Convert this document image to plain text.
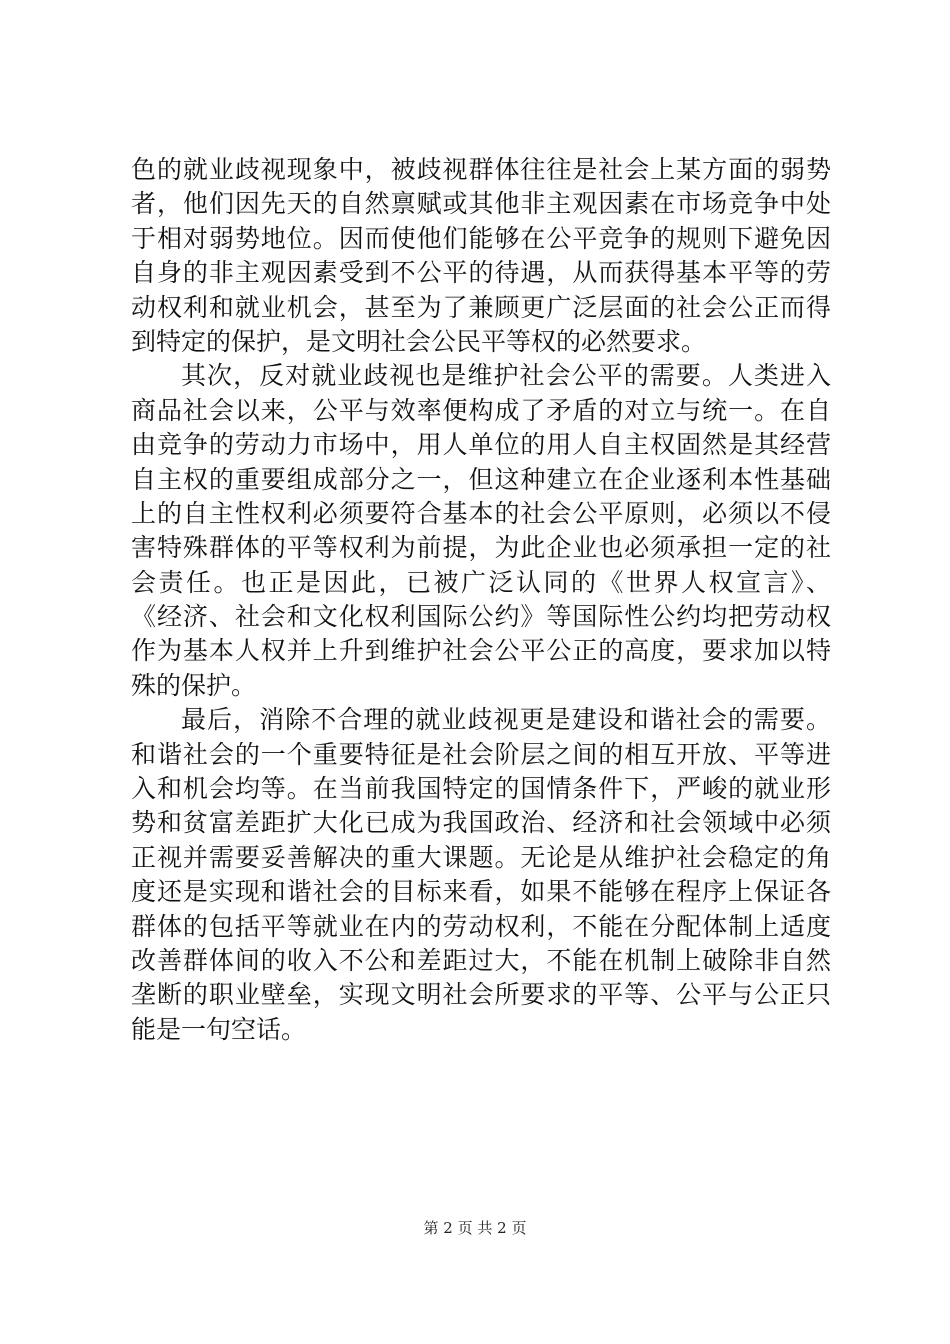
色的就业歧视现象中，被歧视群体往往是社会上某方面的弱势
者，他们因先天的自然禀赋或其他非主观因素在市场竞争中处
于相对弱势地位。因而使他们能够在公平竞争的规则下避免因
自身的非主观因素受到不公平的待遇，从而获得基本平等的劳
动权利和就业机会，甚至为了兼顾更广泛层面的社会公正而得
到特定的保护，是文明社会公民平等权的必然要求。
其次，反对就业歧视也是维护社会公平的需要。人类进入
商品社会以来，公平与效率便构成了矛盾的对立与统一。在自
由竞争的劳动力市场中，用人单位的用人自主权固然是其经营
自主权的重要组成部分之一，但这种建立在企业逐利本性基础
上的自主性权利必须要符合基本的社会公平原则，必须以不侵
害特殊群体的平等权利为前提，为此企业也必须承担一定的社
会责任。也正是因此，已被广泛认同的《世界人权宣言》、
《经济、社会和文化权利国际公约》等国际性公约均把劳动权
作为基本人权并上升到维护社会公平公正的高度，要求加以特
殊的保护。
最后，消除不合理的就业歧视更是建设和谐社会的需要。
和谐社会的一个重要特征是社会阶层之间的相互开放、平等进
入和机会均等。在当前我国特定的国情条件下，严峻的就业形
势和贫富差距扩大化已成为我国政治、经济和社会领域中必须
正视并需要妥善解决的重大课题。无论是从维护社会稳定的角
度还是实现和谐社会的目标来看，如果不能够在程序上保证各
群体的包括平等就业在内的劳动权利，不能在分配体制上适度
改善群体间的收入不公和差距过大，不能在机制上破除非自然
垄断的职业壁垒，实现文明社会所要求的平等、公平与公正只
能是一句空话。
第 2 页 共 2 页
